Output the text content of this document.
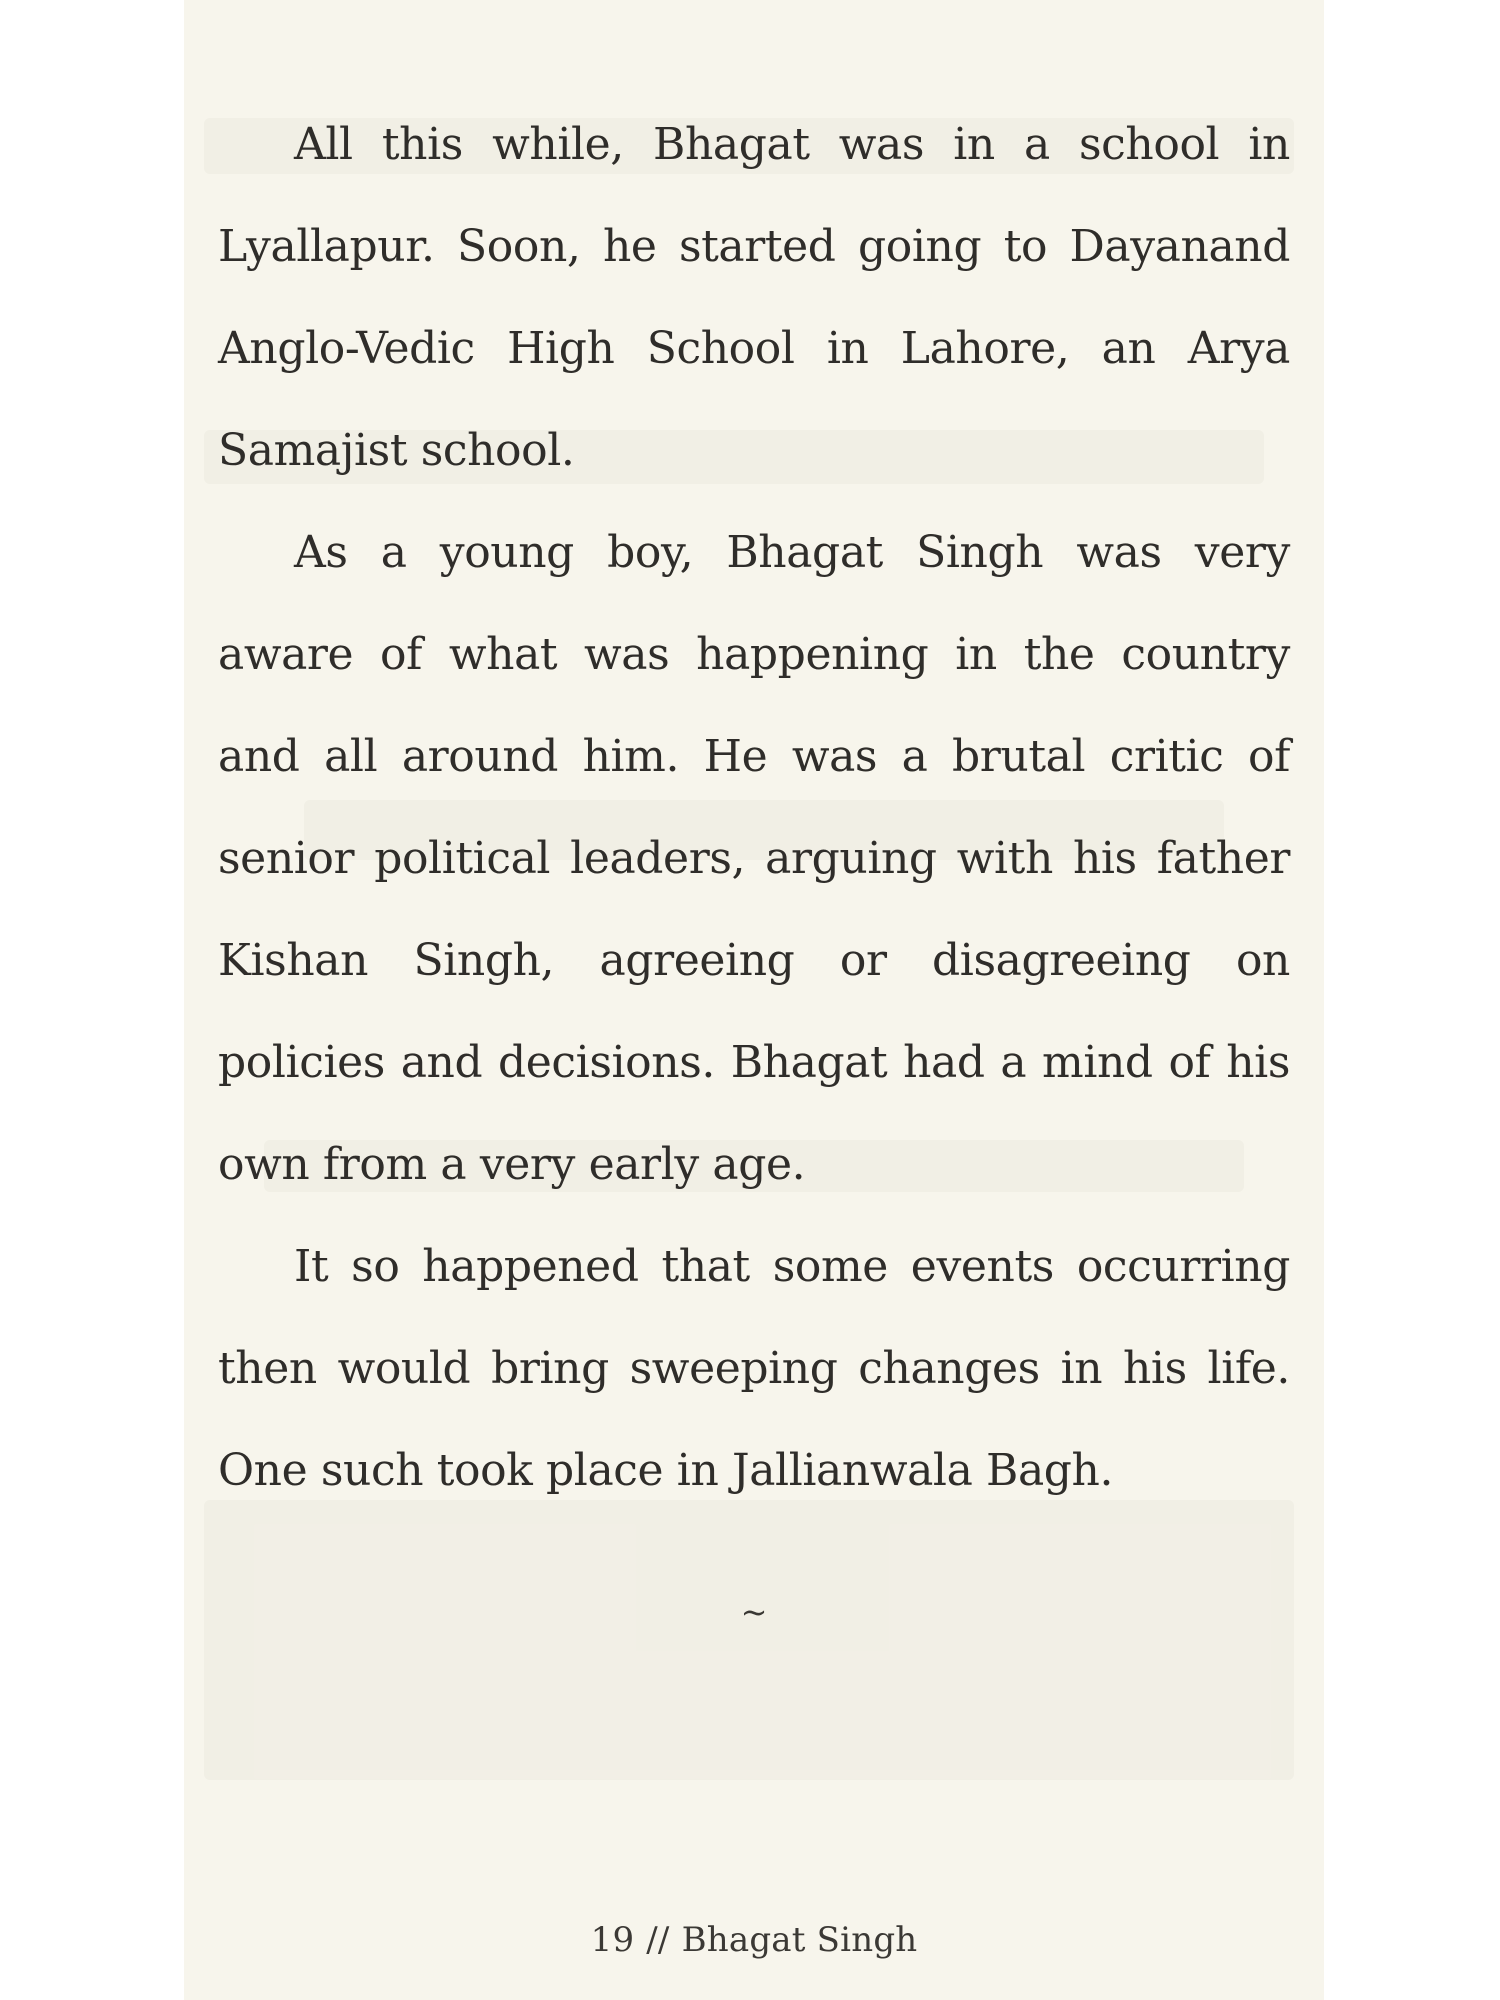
All this while, Bhagat was in a school in Lyallapur. Soon, he started going to Dayanand Anglo-Vedic High School in Lahore, an Arya Samajist school.

As a young boy, Bhagat Singh was very aware of what was happening in the country and all around him. He was a brutal critic of senior political leaders, arguing with his father Kishan Singh, agreeing or disagreeing on policies and decisions. Bhagat had a mind of his own from a very early age.

It so happened that some events occurring then would bring sweeping changes in his life. One such took place in Jallianwala Bagh.

~
19 // Bhagat Singh
